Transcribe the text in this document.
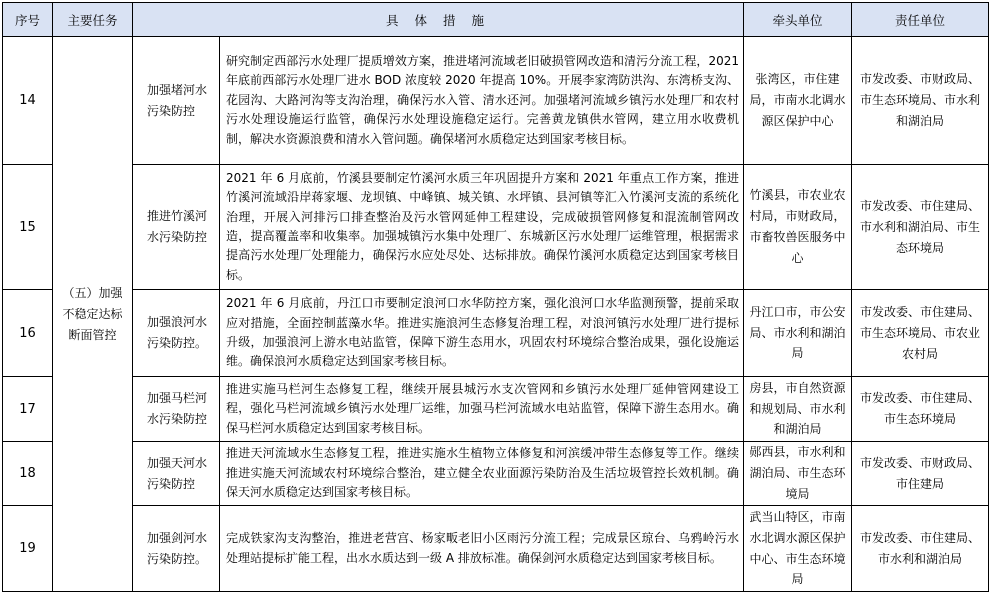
序号	主要任务	具 体 措 施		牵头单位	责任单位
14	（五）加强不稳定达标断面管控	加强堵河水污染防控	研究制定西部污水处理厂提质增效方案，推进堵河流域老旧破损管网改造和清污分流工程，2021 年底前西部污水处理厂进水 BOD 浓度较 2020 年提高 10%。开展李家湾防洪沟、东湾桥支沟、花园沟、大路河沟等支沟治理，确保污水入管、清水还河。加强堵河流域乡镇污水处理厂和农村污水处理设施运行监管，确保污水处理设施稳定运行。完善黄龙镇供水管网，建立用水收费机制，解决水资源浪费和清水入管问题。确保堵河水质稳定达到国家考核目标。	张湾区，市住建局，市南水北调水源区保护中心	市发改委、市财政局、市生态环境局、市水利和湖泊局
15		推进竹溪河水污染防控	2021 年 6 月底前，竹溪县要制定竹溪河水质三年巩固提升方案和 2021 年重点工作方案，推进竹溪河流域沿岸蒋家堰、龙坝镇、中峰镇、城关镇、水坪镇、县河镇等汇入竹溪河支流的系统化治理，开展入河排污口排查整治及污水管网延伸工程建设，完成破损管网修复和混流制管网改造，提高覆盖率和收集率。加强城镇污水集中处理厂、东城新区污水处理厂运维管理，根据需求提高污水处理厂处理能力，确保污水应处尽处、达标排放。确保竹溪河水质稳定达到国家考核目标。	竹溪县，市农业农村局，市财政局，市畜牧兽医服务中心	市发改委、市住建局、市水利和湖泊局、市生态环境局
16		加强浪河水污染防控。	2021 年 6 月底前，丹江口市要制定浪河口水华防控方案，强化浪河口水华监测预警，提前采取应对措施，全面控制蓝藻水华。推进实施浪河生态修复治理工程，对浪河镇污水处理厂进行提标升级，加强浪河上游水电站监管，保障下游生态用水，巩固农村环境综合整治成果，强化设施运维。确保浪河水质稳定达到国家考核目标。	丹江口市，市公安局、市水利和湖泊局	市发改委、市住建局、市生态环境局、市农业农村局
17		加强马栏河水污染防控	推进实施马栏河生态修复工程，继续开展县城污水支次管网和乡镇污水处理厂延伸管网建设工程，强化马栏河流域乡镇污水处理厂运维，加强马栏河流域水电站监管，保障下游生态用水。确保马栏河水质稳定达到国家考核目标。	房县，市自然资源和规划局、市水利和湖泊局	市发改委、市住建局、市生态环境局
18		加强天河水污染防控	推进天河流域水生态修复工程，推进实施水生植物立体修复和河滨缓冲带生态修复等工作。继续推进实施天河流域农村环境综合整治，建立健全农业面源污染防治及生活垃圾管控长效机制。确保天河水质稳定达到国家考核目标。	郧西县，市水利和湖泊局、市生态环境局	市发改委、市财政局、市住建局
19		加强剑河水污染防控。	完成铁家沟支沟整治，推进老营宫、杨家畈老旧小区雨污分流工程；完成景区琼台、乌鸦岭污水处理站提标扩能工程，出水水质达到一级 A 排放标准。确保剑河水质稳定达到国家考核目标。	武当山特区，市南水北调水源区保护中心、市生态环境局	市发改委、市住建局、市水利和湖泊局
